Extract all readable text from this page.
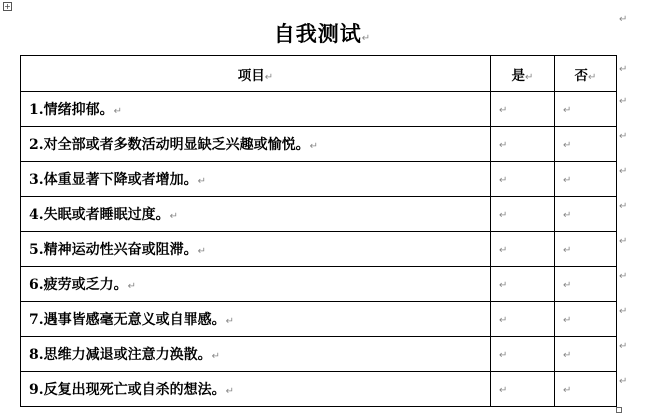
+
自我测试↵
项目↵	是↵	否↵
1.情绪抑郁。↵	↵	↵
2.对全部或者多数活动明显缺乏兴趣或愉悦。↵	↵	↵
3.体重显著下降或者增加。↵	↵	↵
4.失眠或者睡眠过度。↵	↵	↵
5.精神运动性兴奋或阻滞。↵	↵	↵
6.疲劳或乏力。↵	↵	↵
7.遇事皆感毫无意义或自罪感。↵	↵	↵
8.思维力减退或注意力涣散。↵	↵	↵
9.反复出现死亡或自杀的想法。↵	↵	↵
↵
↵
↵
↵
↵
↵
↵
↵
↵
↵
↵
